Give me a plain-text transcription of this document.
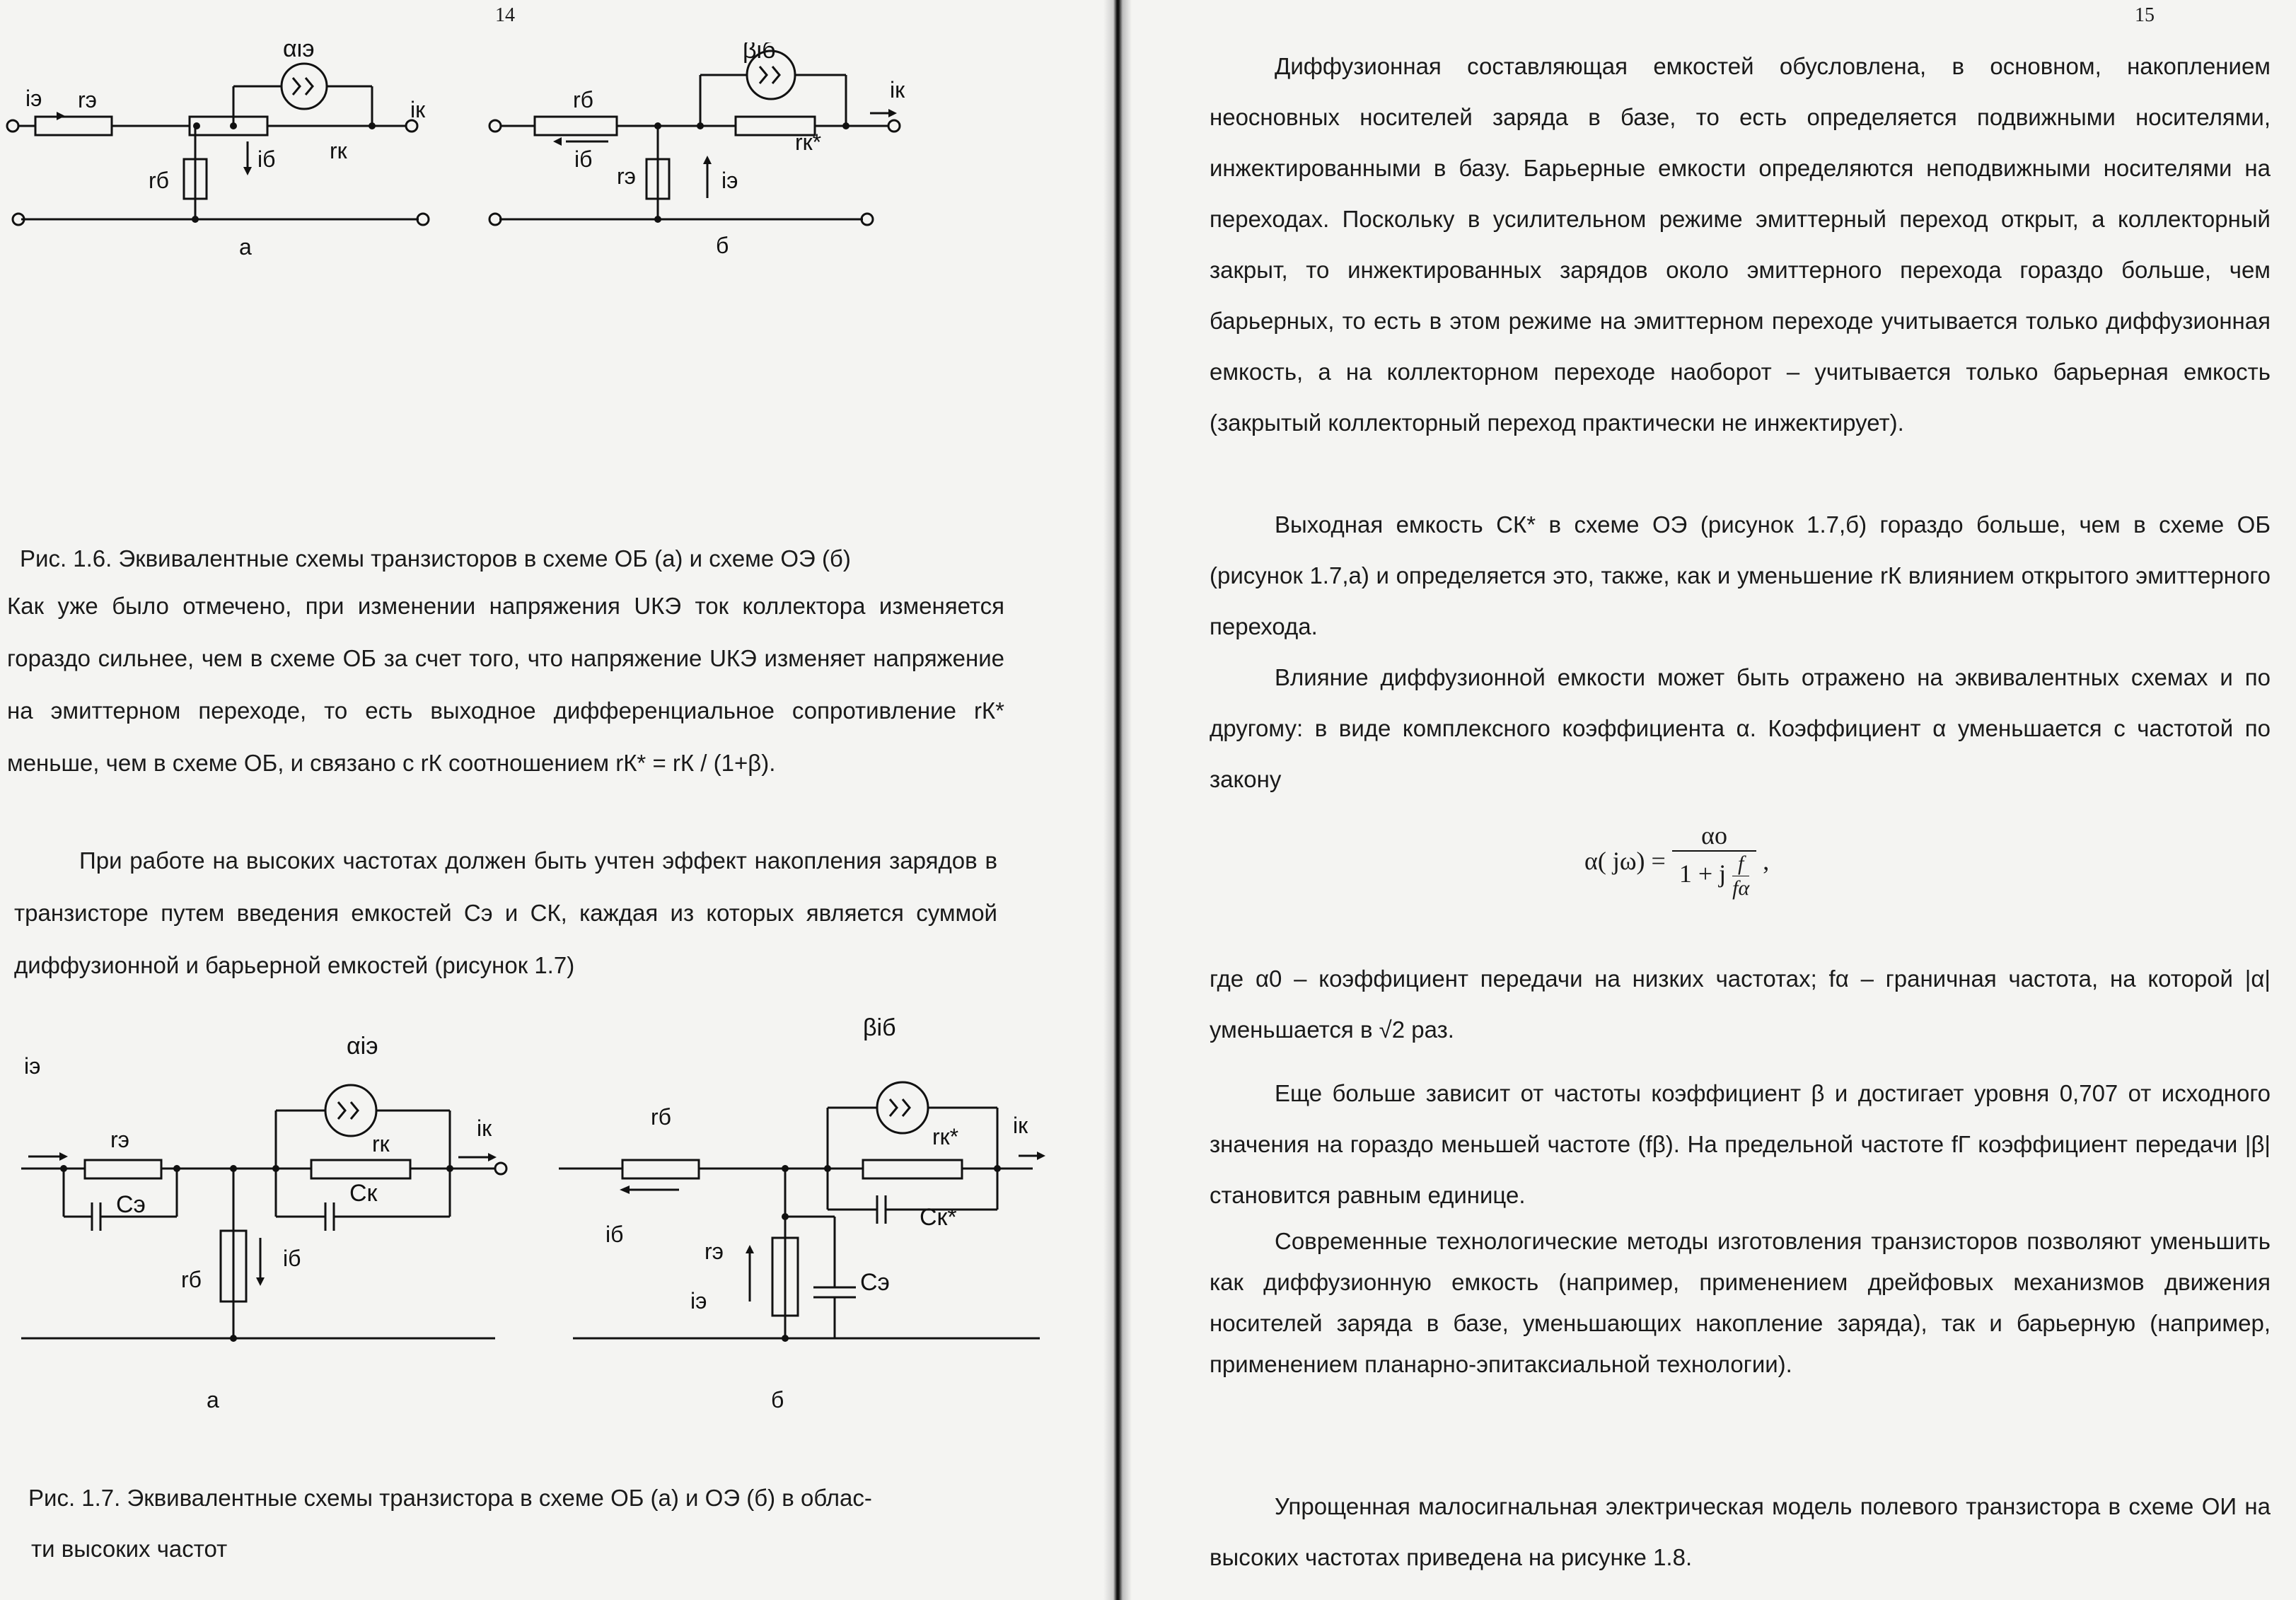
14
αiэ
iэ rэ	iк
rк
iб
rб
а
βiб
rб	iк
iб
rк*
rэ	iэ
б
Рис. 1.6. Эквивалентные схемы транзисторов в схеме ОБ (а) и схеме ОЭ (б)
Как уже было отмечено, при изменении напряжения UКЭ ток коллектора изменяется гораздо сильнее, чем в схеме ОБ за счет того, что напряжение UКЭ изменяет напряжение на эмиттерном переходе, то есть выходное дифференциальное сопротивление rК* меньше, чем в схеме ОБ, и связано с rК соотношением rК* = rК / (1+β).
При работе на высоких частотах должен быть учтен эффект накопления зарядов в транзисторе путем введения емкостей Cэ и CК, каждая из которых является суммой диффузионной и барьерной емкостей (рисунок 1.7)
αiэ
iэ
rэ	iк
rк
Cэ	Cк
iб
rб
а
βiб
rб
rк* iк
Cк*
iб
rэ
iэ
Cэ
б
Рис. 1.7. Эквивалентные схемы транзистора в схеме ОБ (а) и ОЭ (б) в облас-
ти высоких частот
15
Диффузионная составляющая емкостей обусловлена, в основном, накоплением неосновных носителей заряда в базе, то есть определяется подвижными носителями, инжектированными в базу. Барьерные емкости определяются неподвижными носителями на переходах. Поскольку в усилительном режиме эмиттерный переход открыт, а коллекторный закрыт, то инжектированных зарядов около эмиттерного перехода гораздо больше, чем барьерных, то есть в этом режиме на эмиттерном переходе учитывается только диффузионная емкость, а на коллекторном переходе наоборот – учитывается только барьерная емкость (закрытый коллекторный переход практически не инжектирует).
Выходная емкость CК* в схеме ОЭ (рисунок 1.7,б) гораздо больше, чем в схеме ОБ (рисунок 1.7,а) и определяется это, также, как и уменьшение rК влиянием открытого эмиттерного перехода.
Влияние диффузионной емкости может быть отражено на эквивалентных схемах и по другому: в виде комплексного коэффициента α. Коэффициент α уменьшается с частотой по закону
α( $j\omega) = \frac{\alpha o}{1 + j \frac{f}{f\alpha}}$ ,
где α0 – коэффициент передачи на низких частотах; fα – граничная частота, на которой |α| уменьшается в √2 раз.
Еще больше зависит от частоты коэффициент β и достигает уровня 0,707 от исходного значения на гораздо меньшей частоте (fβ). На предельной частоте fГ коэффициент передачи |β| становится равным единице.
Современные технологические методы изготовления транзисторов позволяют уменьшить как диффузионную емкость (например, применением дрейфовых механизмов движения носителей заряда в базе, уменьшающих накопление заряда), так и барьерную (например, применением планарно-эпитаксиальной технологии).
Упрощенная малосигнальная электрическая модель полевого транзистора в схеме ОИ на высоких частотах приведена на рисунке 1.8.
